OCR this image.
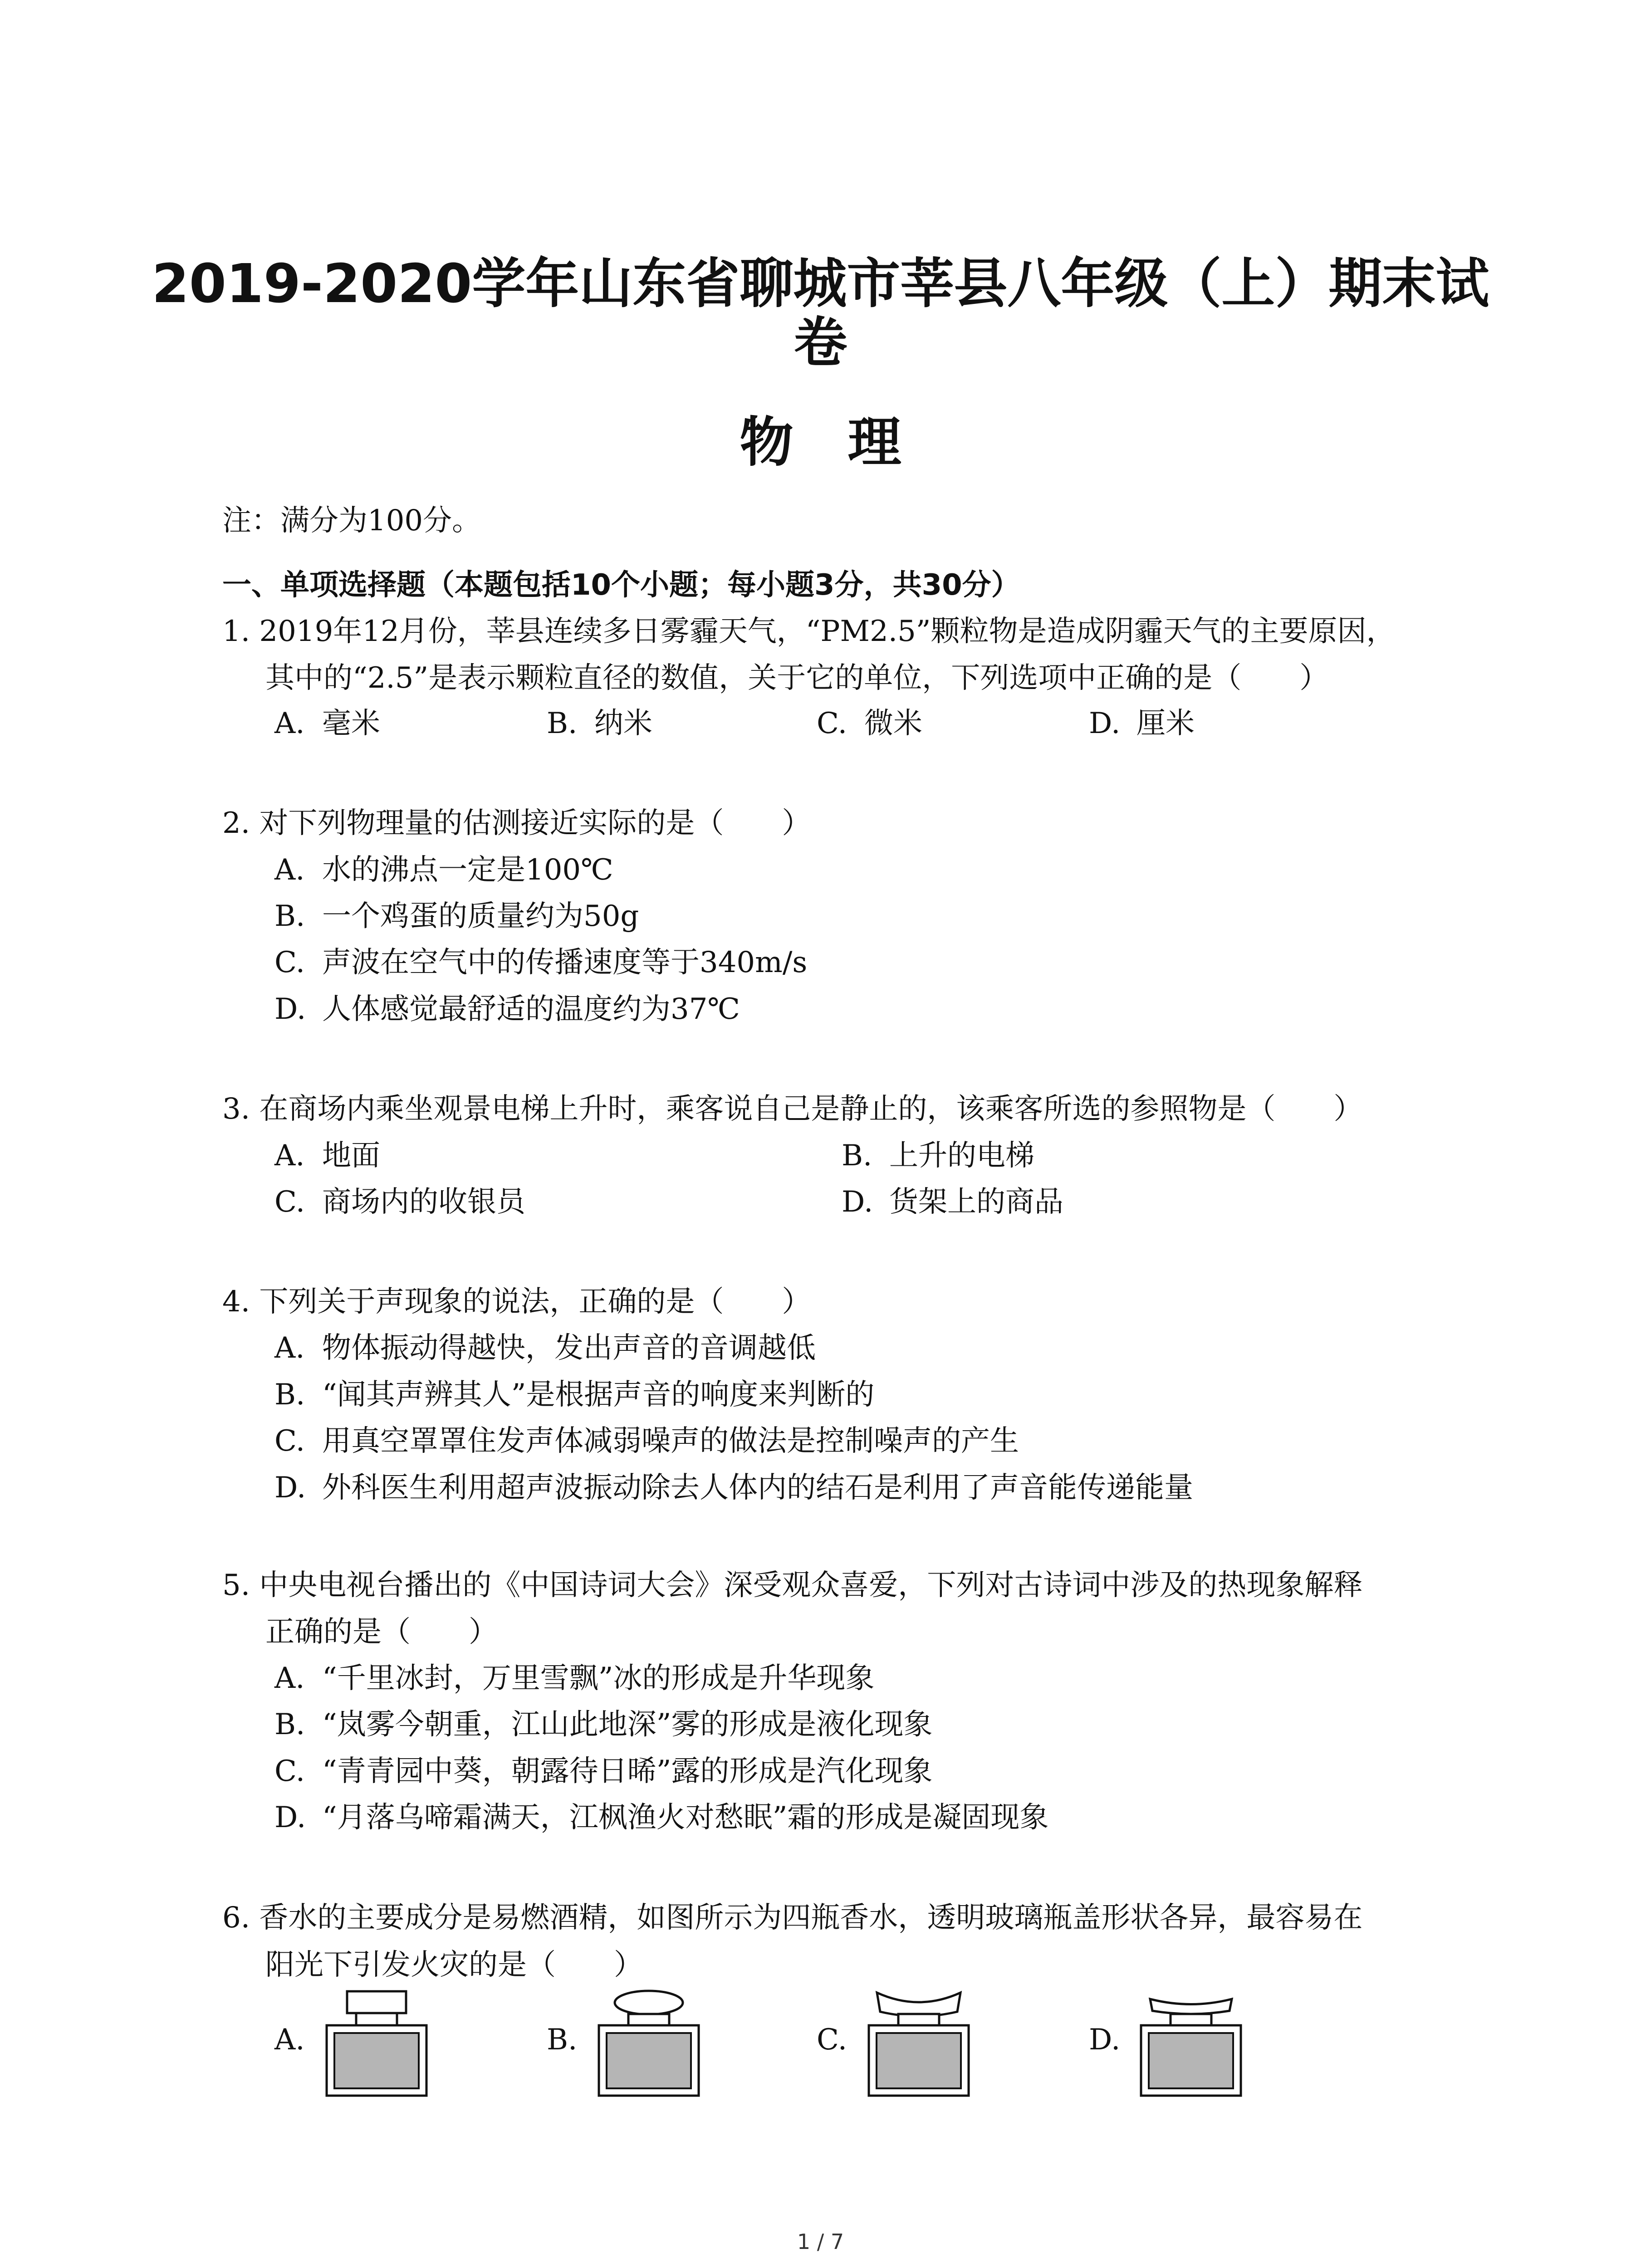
2019-2020学年山东省聊城市莘县八年级（上）期末试
卷
物理
注：满分为100分。
一、单项选择题（本题包括10个小题；每小题3分，共30分）
1. 2019年12月份，莘县连续多日雾霾天气，“PM2.5”颗粒物是造成阴霾天气的主要原因，
其中的“2.5”是表示颗粒直径的数值，关于它的单位，下列选项中正确的是（　　）
A. 毫米	B. 纳米	C. 微米	D. 厘米
2. 对下列物理量的估测接近实际的是（　　）
A. 水的沸点一定是100℃
B. 一个鸡蛋的质量约为50g
C. 声波在空气中的传播速度等于340m/s
D. 人体感觉最舒适的温度约为37℃
3. 在商场内乘坐观景电梯上升时，乘客说自己是静止的，该乘客所选的参照物是（　　）
A. 地面	B. 上升的电梯
C. 商场内的收银员	D. 货架上的商品
4. 下列关于声现象的说法，正确的是（　　）
A. 物体振动得越快，发出声音的音调越低
B. “闻其声辨其人”是根据声音的响度来判断的
C. 用真空罩罩住发声体减弱噪声的做法是控制噪声的产生
D. 外科医生利用超声波振动除去人体内的结石是利用了声音能传递能量
5. 中央电视台播出的《中国诗词大会》深受观众喜爱，下列对古诗词中涉及的热现象解释
正确的是（　　）
A. “千里冰封，万里雪飘”冰的形成是升华现象
B. “岚雾今朝重，江山此地深”雾的形成是液化现象
C. “青青园中葵，朝露待日晞”露的形成是汽化现象
D. “月落乌啼霜满天，江枫渔火对愁眠”霜的形成是凝固现象
6. 香水的主要成分是易燃酒精，如图所示为四瓶香水，透明玻璃瓶盖形状各异，最容易在
阳光下引发火灾的是（　　）
A.	B.	C.	D.
1 / 7
